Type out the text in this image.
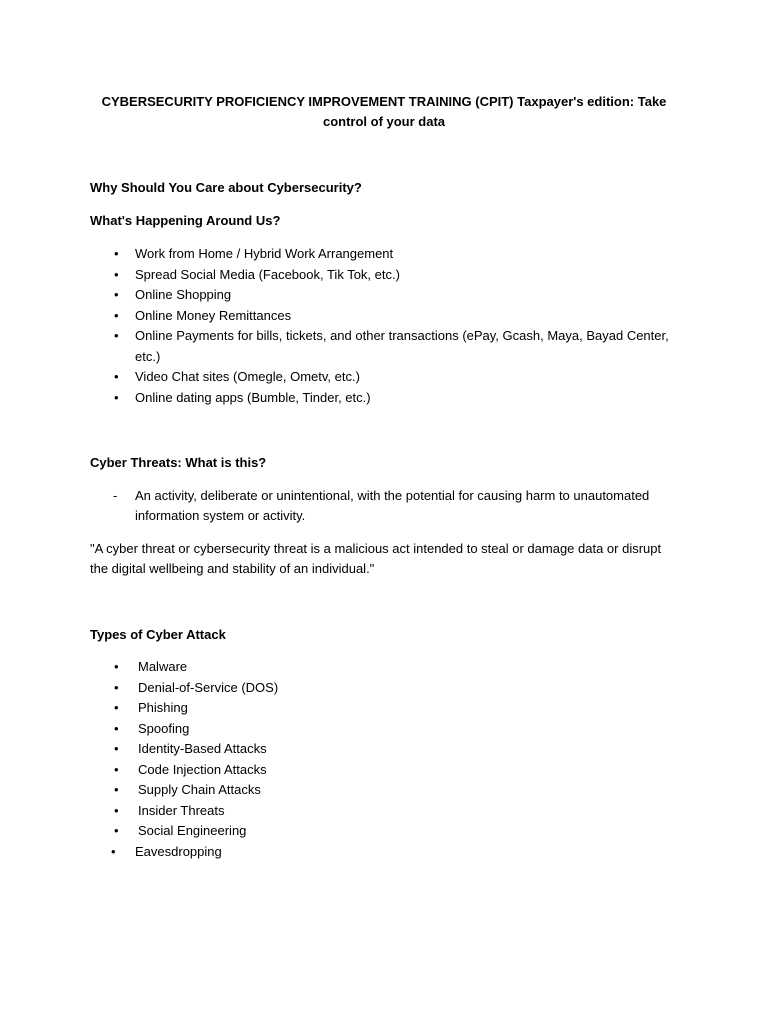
CYBERSECURITY PROFICIENCY IMPROVEMENT TRAINING (CPIT) Taxpayer's edition: Take control of your data
Why Should You Care about Cybersecurity?
What's Happening Around Us?
•	Work from Home / Hybrid Work Arrangement
•	Spread Social Media (Facebook, Tik Tok, etc.)
•	Online Shopping
•	Online Money Remittances
•	Online Payments for bills, tickets, and other transactions (ePay, Gcash, Maya, Bayad Center, etc.)
•	Video Chat sites (Omegle, Ometv, etc.)
•	Online dating apps (Bumble, Tinder, etc.)
Cyber Threats: What is this?
-	An activity, deliberate or unintentional, with the potential for causing harm to unautomated information system or activity.
"A cyber threat or cybersecurity threat is a malicious act intended to steal or damage data or disrupt the digital wellbeing and stability of an individual."
Types of Cyber Attack
•	Malware
•	Denial-of-Service (DOS)
•	Phishing
•	Spoofing
•	Identity-Based Attacks
•	Code Injection Attacks
•	Supply Chain Attacks
•	Insider Threats
•	Social Engineering
•	Eavesdropping
